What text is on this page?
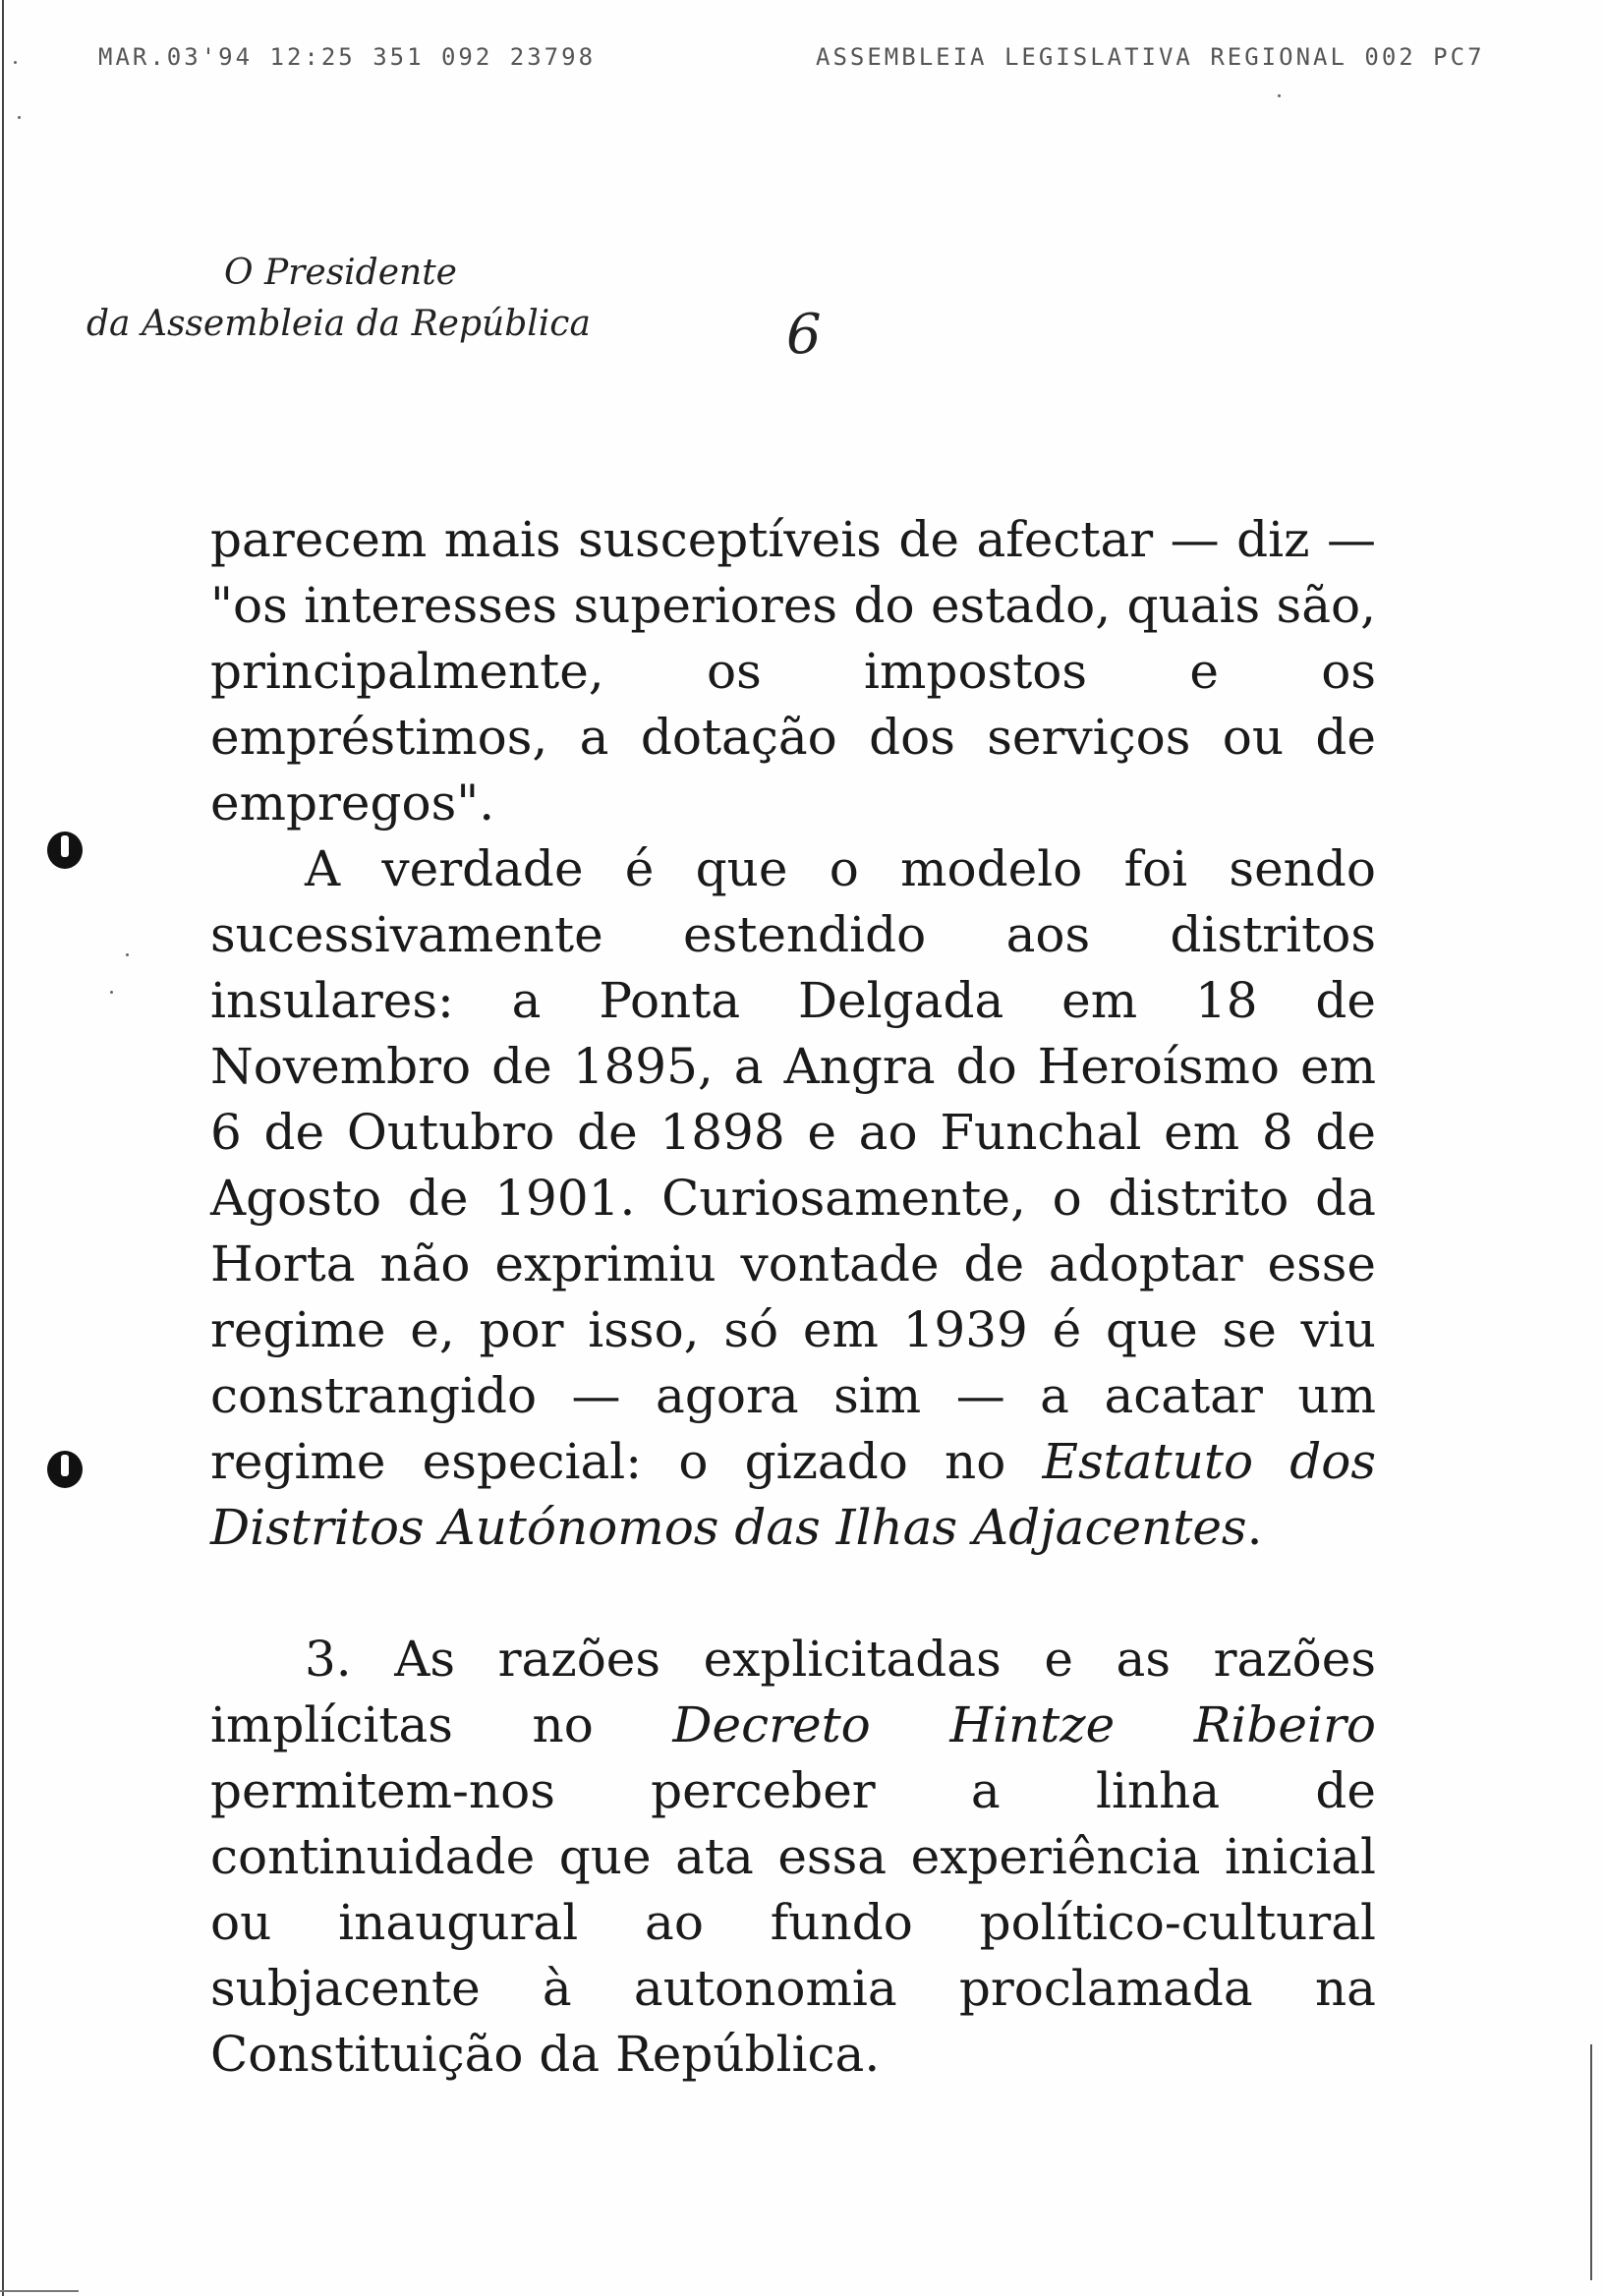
MAR.03'94 12:25 351 092 23798	ASSEMBLEIA LEGISLATIVA REGIONAL 002 PC7
O Presidente
da Assembleia da República	6

parecem mais susceptíveis de afectar — diz — "os interesses superiores do estado, quais são, principalmente, os impostos e os empréstimos, a dotação dos serviços ou de empregos".

A verdade é que o modelo foi sendo sucessivamente estendido aos distritos insulares: a Ponta Delgada em 18 de Novembro de 1895, a Angra do Heroísmo em 6 de Outubro de 1898 e ao Funchal em 8 de Agosto de 1901. Curiosamente, o distrito da Horta não exprimiu vontade de adoptar esse regime e, por isso, só em 1939 é que se viu constrangido — agora sim — a acatar um regime especial: o gizado no Estatuto dos Distritos Autónomos das Ilhas Adjacentes.

3. As razões explicitadas e as razões implícitas no Decreto Hintze Ribeiro permitem-nos perceber a linha de continuidade que ata essa experiência inicial ou inaugural ao fundo político-cultural subjacente à autonomia proclamada na Constituição da República.
